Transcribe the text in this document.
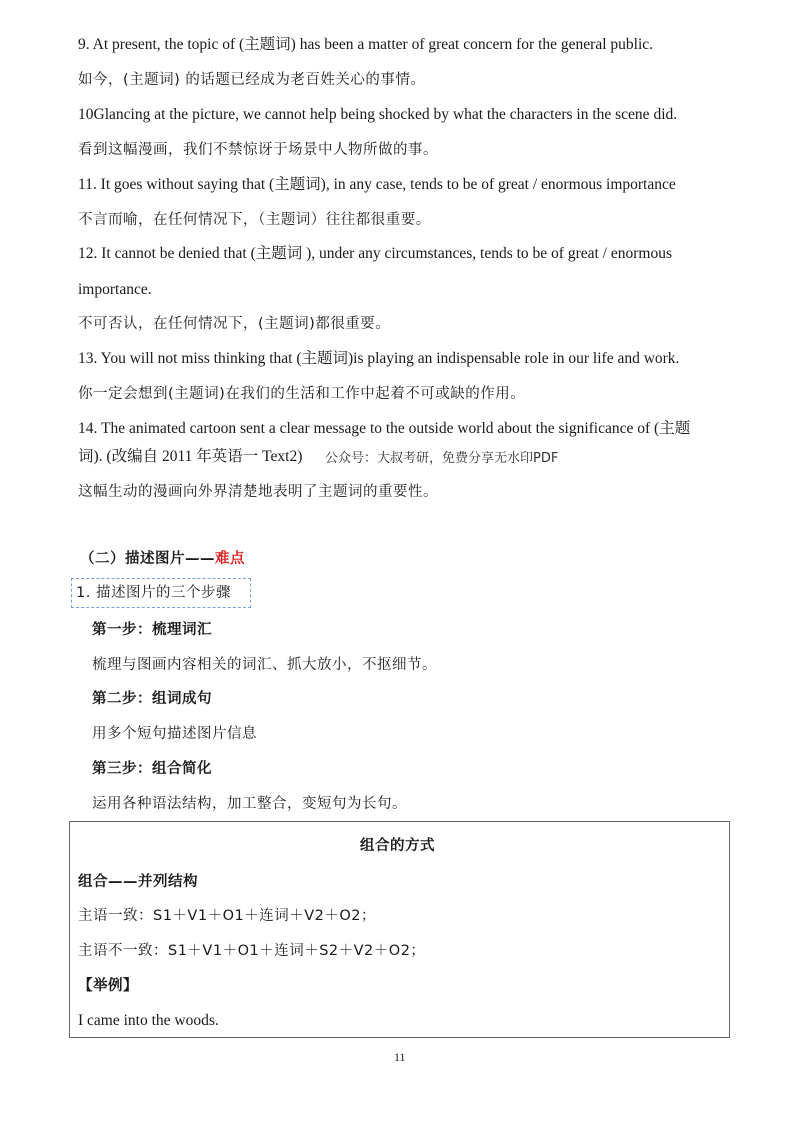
9. At present, the topic of (主题词) has been a matter of great concern for the general public.
如今，(主题词) 的话题已经成为老百姓关心的事情。
10Glancing at the picture, we cannot help being shocked by what the characters in the scene did.
看到这幅漫画，我们不禁惊讶于场景中人物所做的事。
11. It goes without saying that (主题词), in any case, tends to be of great / enormous importance
不言而喻，在任何情况下，（主题词）往往都很重要。
12. It cannot be denied that (主题词 ), under any circumstances, tends to be of great / enormous
importance.
不可否认，在任何情况下，(主题词)都很重要。
13. You will not miss thinking that (主题词)is playing an indispensable role in our life and work.
你一定会想到(主题词)在我们的生活和工作中起着不可或缺的作用。
14. The animated cartoon sent a clear message to the outside world about the significance of (主题
词). (改编自 2011 年英语一 Text2) 公众号：大叔考研，免费分享无水印PDF
这幅生动的漫画向外界清楚地表明了主题词的重要性。
（二）描述图片——难点
1. 描述图片的三个步骤
第一步：梳理词汇
梳理与图画内容相关的词汇、抓大放小，不抠细节。
第二步：组词成句
用多个短句描述图片信息
第三步：组合简化
运用各种语法结构，加工整合，变短句为长句。
组合的方式
组合——并列结构
主语一致：S1＋V1＋O1＋连词＋V2＋O2；
主语不一致：S1＋V1＋O1＋连词＋S2＋V2＋O2；
【举例】
I came into the woods.
11
